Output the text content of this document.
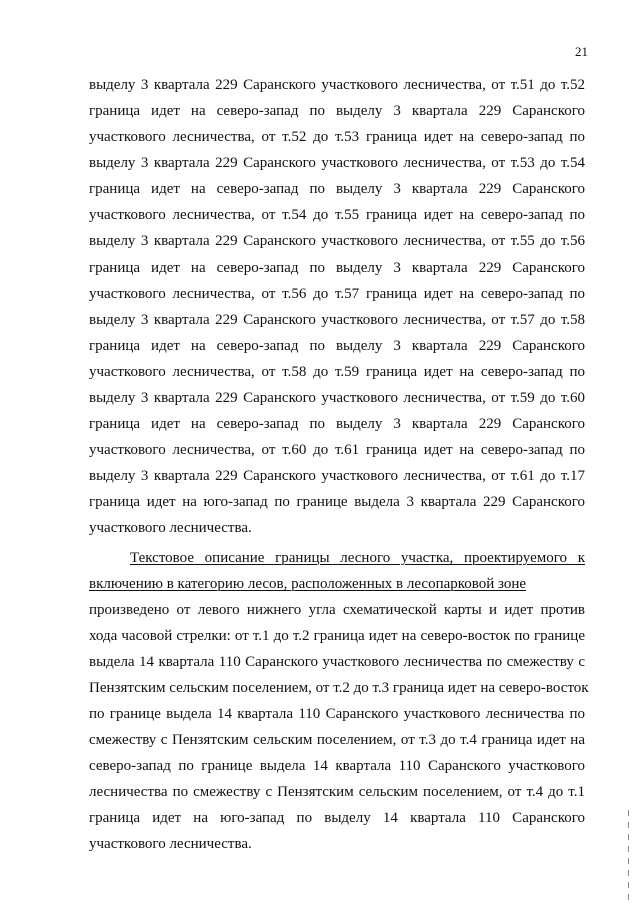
21
выделу 3 квартала 229 Саранского участкового лесничества, от т.51 до т.52
граница идет на северо-запад по выделу 3 квартала 229 Саранского
участкового лесничества, от т.52 до т.53 граница идет на северо-запад по
выделу 3 квартала 229 Саранского участкового лесничества, от т.53 до т.54
граница идет на северо-запад по выделу 3 квартала 229 Саранского
участкового лесничества, от т.54 до т.55 граница идет на северо-запад по
выделу 3 квартала 229 Саранского участкового лесничества, от т.55 до т.56
граница идет на северо-запад по выделу 3 квартала 229 Саранского
участкового лесничества, от т.56 до т.57 граница идет на северо-запад по
выделу 3 квартала 229 Саранского участкового лесничества, от т.57 до т.58
граница идет на северо-запад по выделу 3 квартала 229 Саранского
участкового лесничества, от т.58 до т.59 граница идет на северо-запад по
выделу 3 квартала 229 Саранского участкового лесничества, от т.59 до т.60
граница идет на северо-запад по выделу 3 квартала 229 Саранского
участкового лесничества, от т.60 до т.61 граница идет на северо-запад по
выделу 3 квартала 229 Саранского участкового лесничества, от т.61 до т.17
граница идет на юго-запад по границе выдела 3 квартала 229 Саранского
участкового лесничества.
Текстовое описание границы лесного участка, проектируемого к
включению в категорию лесов, расположенных в лесопарковой зоне
произведено от левого нижнего угла схематической карты и идет против
хода часовой стрелки: от т.1 до т.2 граница идет на северо-восток по границе
выдела 14 квартала 110 Саранского участкового лесничества по смежеству с
Пензятским сельским поселением, от т.2 до т.3 граница идет на северо-восток
по границе выдела 14 квартала 110 Саранского участкового лесничества по
смежеству с Пензятским сельским поселением, от т.3 до т.4 граница идет на
северо-запад по границе выдела 14 квартала 110 Саранского участкового
лесничества по смежеству с Пензятским сельским поселением, от т.4 до т.1
граница идет на юго-запад по выделу 14 квартала 110 Саранского
участкового лесничества.
